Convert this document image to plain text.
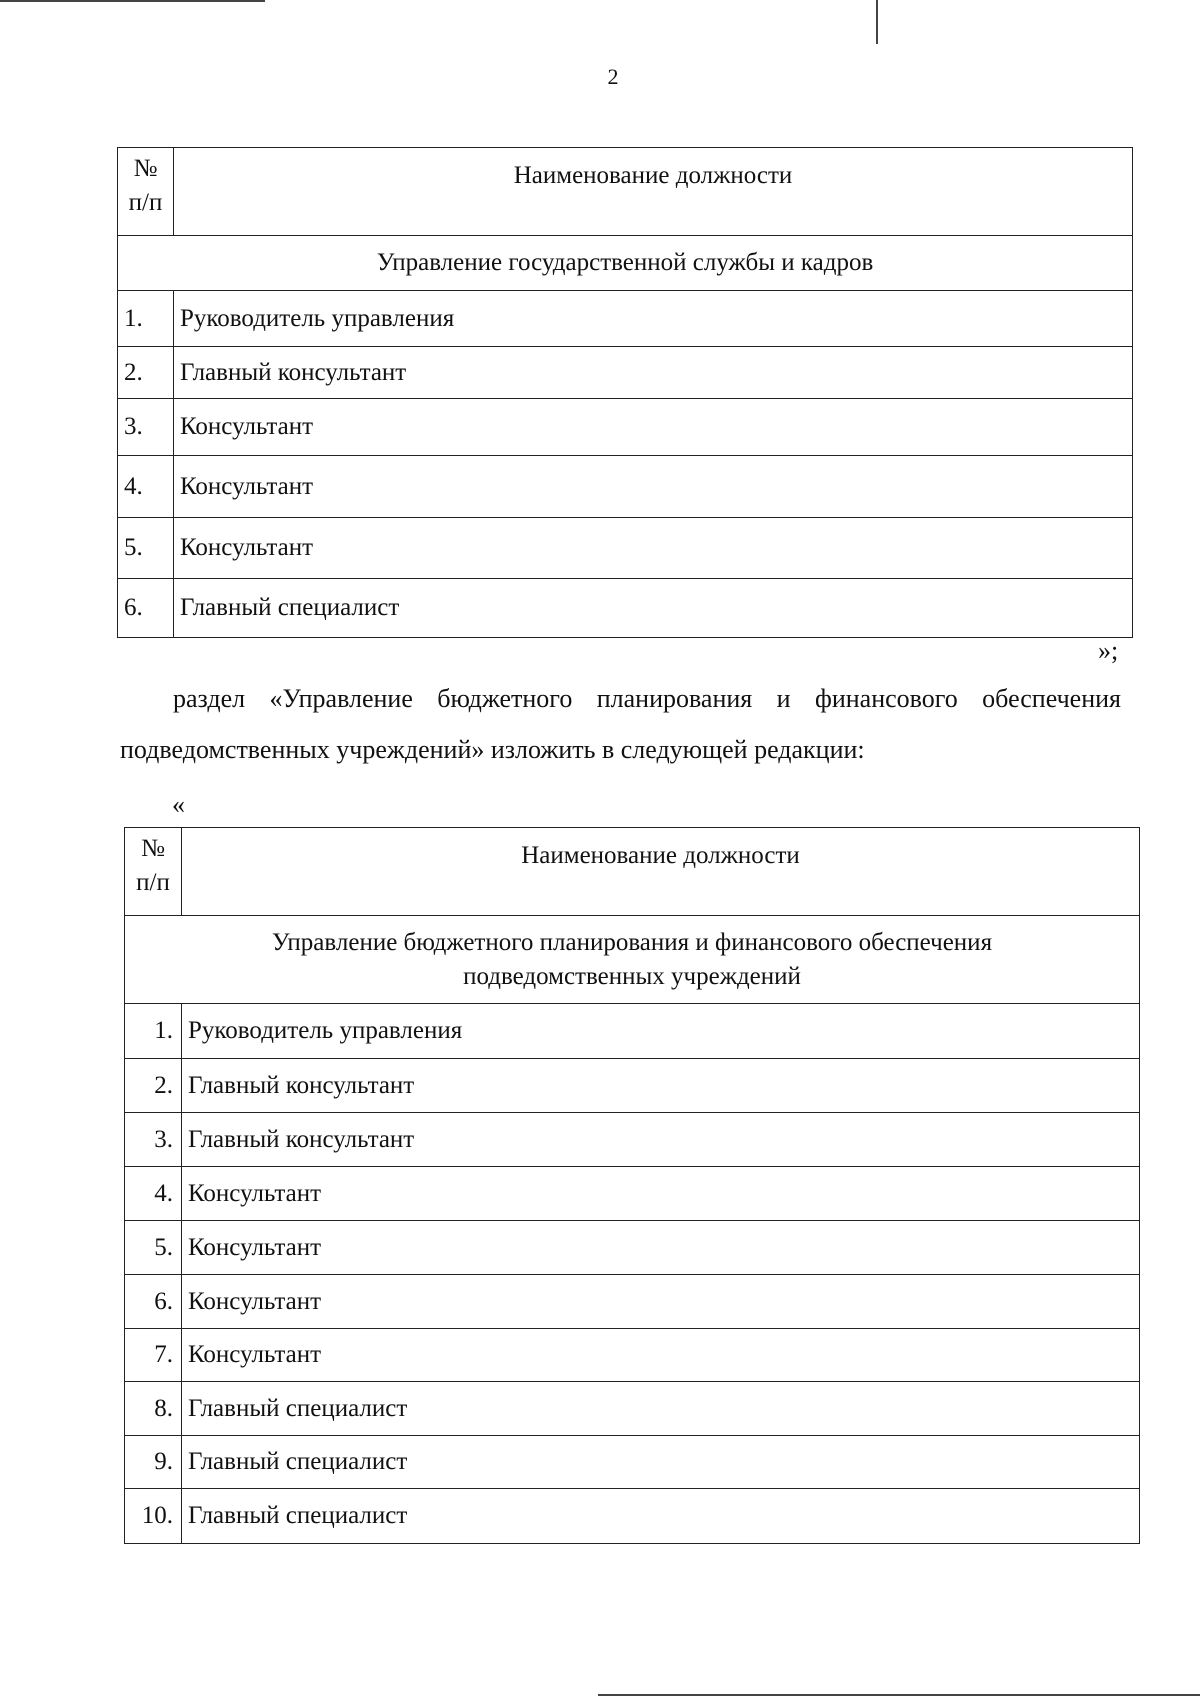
2
№
п/п	Наименование должности
Управление государственной службы и кадров	
1.	Руководитель управления
2.	Главный консультант
3.	Консультант
4.	Консультант
5.	Консультант
6.	Главный специалист
»;
раздел «Управление бюджетного планирования и финансового обеспечения
подведомственных учреждений» изложить в следующей редакции:
«
№
п/п	Наименование должности
Управление бюджетного планирования и финансового обеспечения подведомственных учреждений	
1.	Руководитель управления
2.	Главный консультант
3.	Главный консультант
4.	Консультант
5.	Консультант
6.	Консультант
7.	Консультант
8.	Главный специалист
9.	Главный специалист
10.	Главный специалист
